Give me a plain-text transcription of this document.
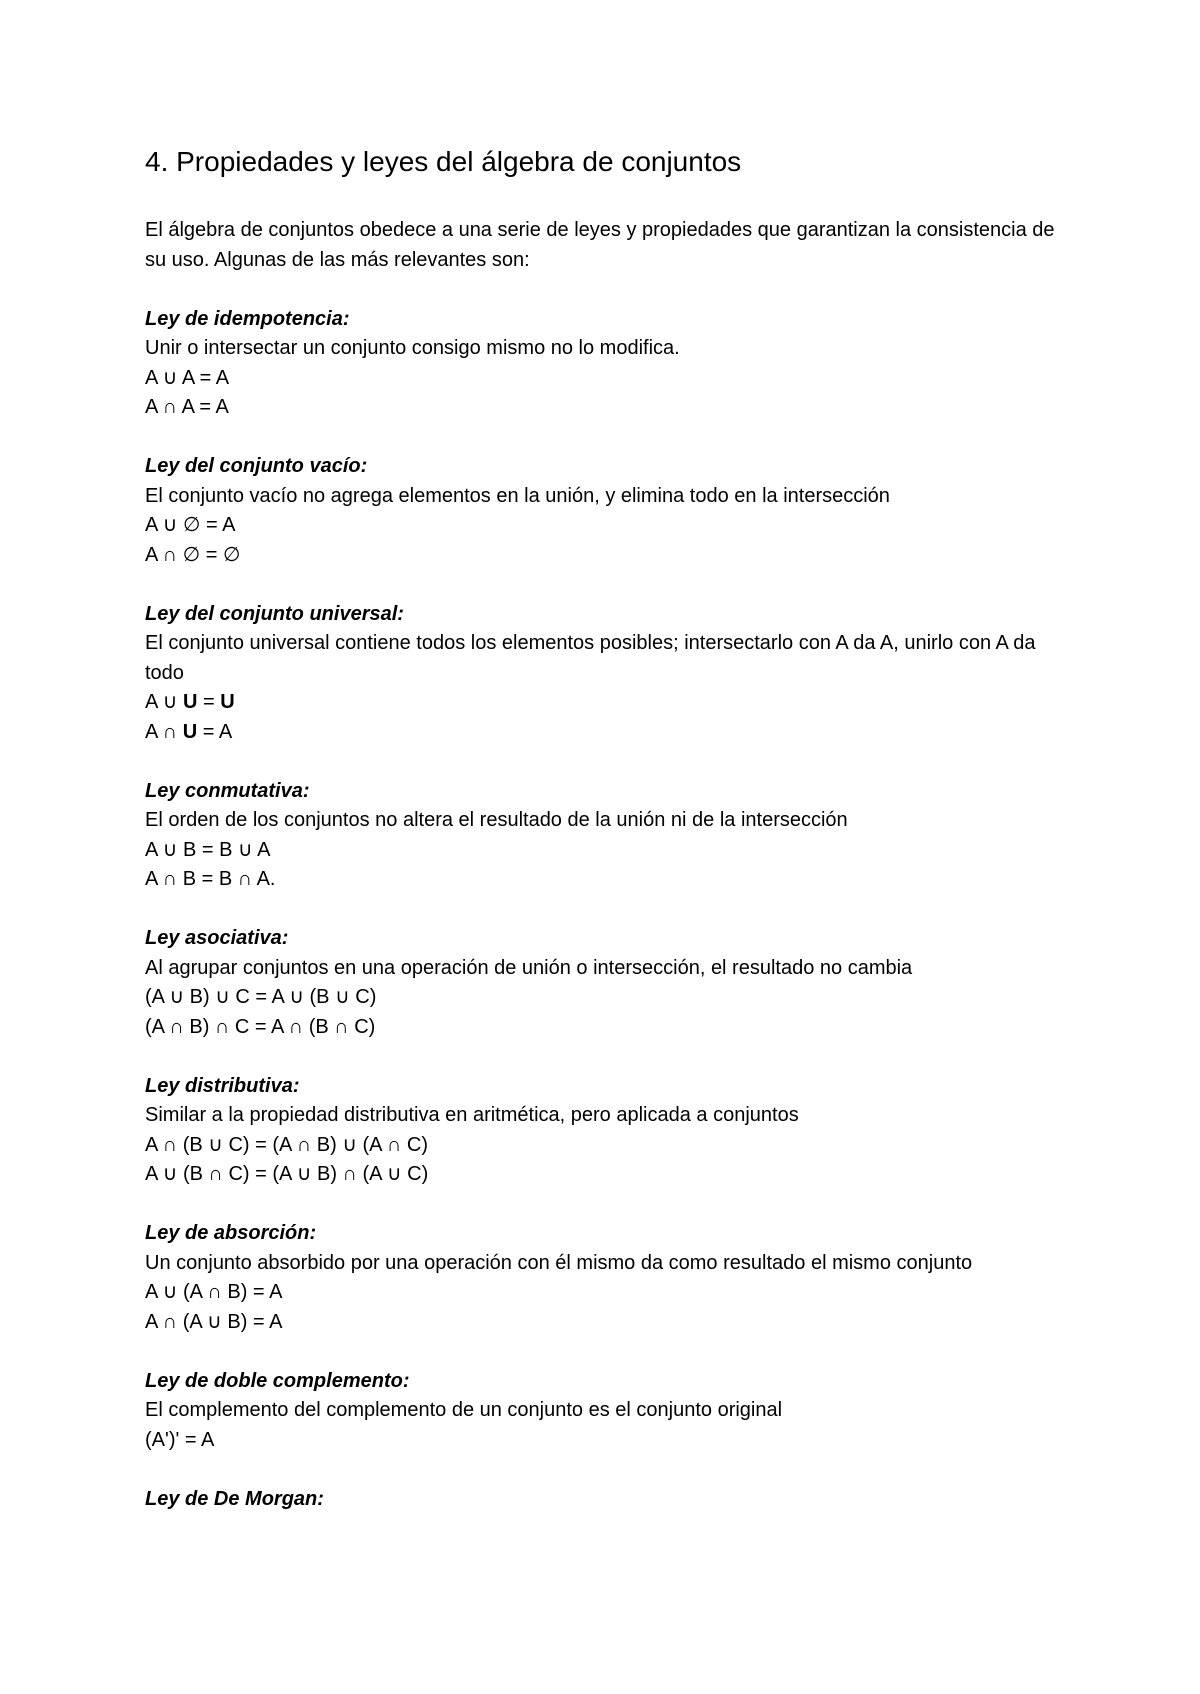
4. Propiedades y leyes del álgebra de conjuntos

El álgebra de conjuntos obedece a una serie de leyes y propiedades que garantizan la consistencia de su uso. Algunas de las más relevantes son:

Ley de idempotencia:

Unir o intersectar un conjunto consigo mismo no lo modifica.

A ∪ A = A

A ∩ A = A

Ley del conjunto vacío:

El conjunto vacío no agrega elementos en la unión, y elimina todo en la intersección

A ∪ ∅ = A

A ∩ ∅ = ∅

Ley del conjunto universal:

El conjunto universal contiene todos los elementos posibles; intersectarlo con A da A, unirlo con A da todo

A ∪ U = U

A ∩ U = A

Ley conmutativa:

El orden de los conjuntos no altera el resultado de la unión ni de la intersección

A ∪ B = B ∪ A

A ∩ B = B ∩ A.

Ley asociativa:

Al agrupar conjuntos en una operación de unión o intersección, el resultado no cambia

(A ∪ B) ∪ C = A ∪ (B ∪ C)

(A ∩ B) ∩ C = A ∩ (B ∩ C)

Ley distributiva:

Similar a la propiedad distributiva en aritmética, pero aplicada a conjuntos

A ∩ (B ∪ C) = (A ∩ B) ∪ (A ∩ C)

A ∪ (B ∩ C) = (A ∪ B) ∩ (A ∪ C)

Ley de absorción:

Un conjunto absorbido por una operación con él mismo da como resultado el mismo conjunto

A ∪ (A ∩ B) = A

A ∩ (A ∪ B) = A

Ley de doble complemento:

El complemento del complemento de un conjunto es el conjunto original

(A')' = A

Ley de De Morgan:
